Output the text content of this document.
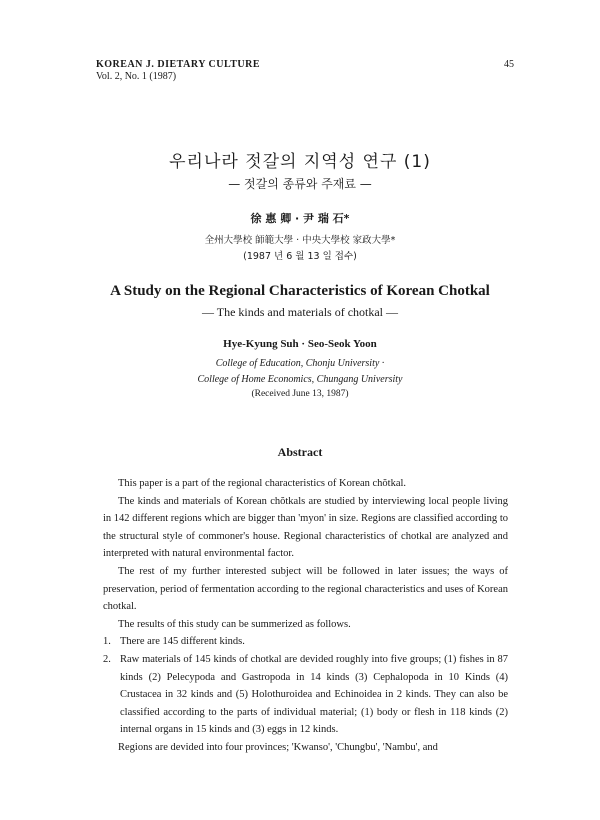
KOREAN J. DIETARY CULTURE
Vol. 2, No. 1 (1987)
45
우리나라 젓갈의 지역성 연구 (1)
— 젓갈의 종류와 주재료 —
徐 惠 卿 · 尹 瑞 石*
全州大學校 師範大學 · 中央大學校 家政大學*
(1987 년 6 월 13 일 접수)
A Study on the Regional Characteristics of Korean Chotkal
— The kinds and materials of chotkal —
Hye-Kyung Suh · Seo-Seok Yoon
College of Education, Chonju University ·
College of Home Economics, Chungang University
(Received June 13, 1987)
Abstract

This paper is a part of the regional characteristics of Korean chŏtkal.

The kinds and materials of Korean chŏtkals are studied by interviewing local people living in 142 different regions which are bigger than 'myon' in size. Regions are classified according to the structural style of commoner's house. Regional characteristics of chotkal are analyzed and interpreted with natural environmental factor.

The rest of my further interested subject will be followed in later issues; the ways of preservation, period of fermentation according to the regional characteristics and uses of Korean chotkal.

The results of this study can be summerized as follows.

1. There are 145 different kinds.

2. Raw materials of 145 kinds of chotkal are devided roughly into five groups; (1) fishes in 87 kinds (2) Pelecypoda and Gastropoda in 14 kinds (3) Cephalopoda in 10 Kinds (4) Crustacea in 32 kinds and (5) Holothuroidea and Echinoidea in 2 kinds. They can also be classified according to the parts of individual material; (1) body or flesh in 118 kinds (2) internal organs in 15 kinds and (3) eggs in 12 kinds.

Regions are devided into four provinces; 'Kwanso', 'Chungbu', 'Nambu', and
